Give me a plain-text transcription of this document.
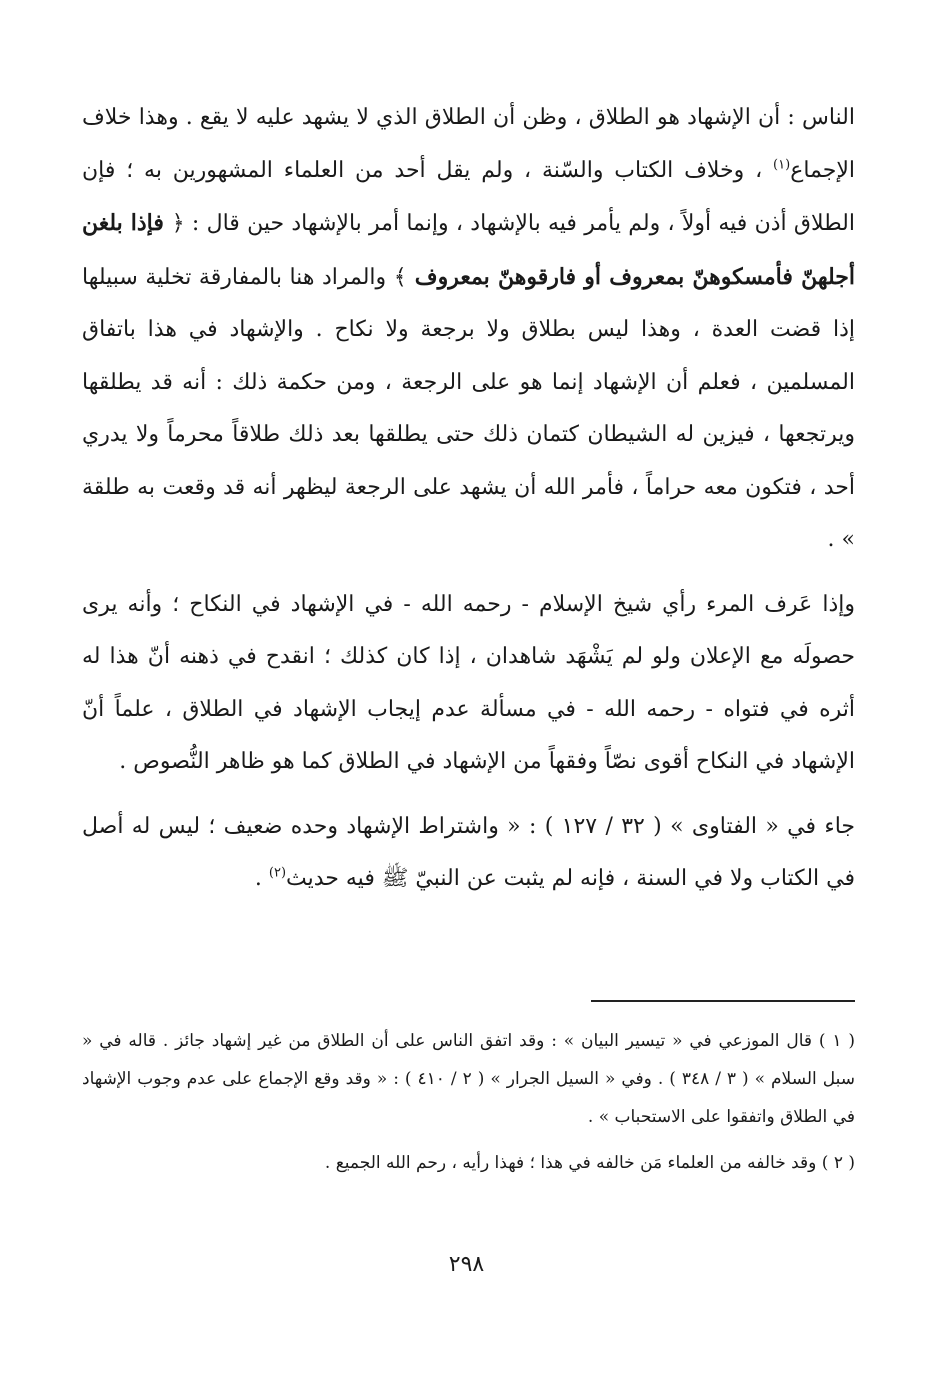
الناس : أن الإشهاد هو الطلاق ، وظن أن الطلاق الذي لا يشهد عليه لا يقع . وهذا خلاف الإجماع$^{(١)}$ ، وخلاف الكتاب والسّنة ، ولم يقل أحد من العلماء المشهورين به ؛ فإن الطلاق أذن فيه أولاً ، ولم يأمر فيه بالإشهاد ، وإنما أمر بالإشهاد حين قال : ﴿ فإذا بلغن أجلهنّ فأمسكوهنّ بمعروف أو فارقوهنّ بمعروف ﴾ والمراد هنا بالمفارقة تخلية سبيلها إذا قضت العدة ، وهذا ليس بطلاق ولا برجعة ولا نكاح . والإشهاد في هذا باتفاق المسلمين ، فعلم أن الإشهاد إنما هو على الرجعة ، ومن حكمة ذلك : أنه قد يطلقها ويرتجعها ، فيزين له الشيطان كتمان ذلك حتى يطلقها بعد ذلك طلاقاً محرماً ولا يدري أحد ، فتكون معه حراماً ، فأمر الله أن يشهد على الرجعة ليظهر أنه قد وقعت به طلقة » .

وإذا عَرف المرء رأي شيخ الإسلام - رحمه الله - في الإشهاد في النكاح ؛ وأنه يرى حصولَه مع الإعلان ولو لم يَشْهَد شاهدان ، إذا كان كذلك ؛ انقدح في ذهنه أنّ هذا له أثره في فتواه - رحمه الله - في مسألة عدم إيجاب الإشهاد في الطلاق ، علماً أنّ الإشهاد في النكاح أقوى نصّاً وفقهاً من الإشهاد في الطلاق كما هو ظاهر النُّصوص .

جاء في « الفتاوى » ( ٣٢ / ١٢٧ ) : « واشتراط الإشهاد وحده ضعيف ؛ ليس له أصل في الكتاب ولا في السنة ، فإنه لم يثبت عن النبيّ ﷺ فيه حديث$^{(٢)}$ .

( ١ ) قال الموزعي في « تيسير البيان » : وقد اتفق الناس على أن الطلاق من غير إشهاد جائز . قاله في « سبل السلام » ( ٣ / ٣٤٨ ) . وفي « السيل الجرار » ( ٢ / ٤١٠ ) : « وقد وقع الإجماع على عدم وجوب الإشهاد في الطلاق واتفقوا على الاستحباب » .

( ٢ ) وقد خالفه من العلماء مَن خالفه في هذا ؛ فهذا رأيه ، رحم الله الجميع .

٢٩٨
